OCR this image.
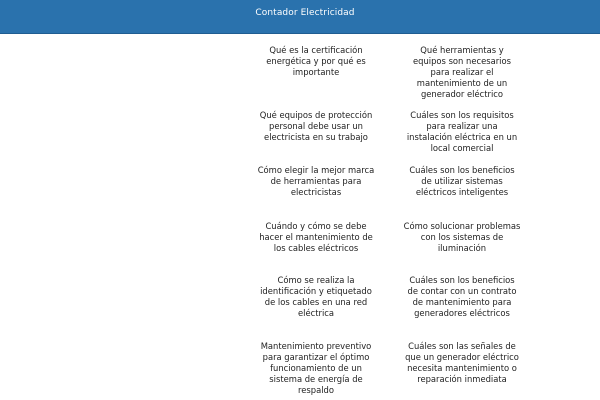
Contador Electricidad
Qué es la certificación energética y por qué es importante
Qué herramientas y equipos son necesarios para realizar el mantenimiento de un generador eléctrico
Qué equipos de protección personal debe usar un electricista en su trabajo
Cuáles son los requisitos para realizar una instalación eléctrica en un local comercial
Cómo elegir la mejor marca de herramientas para electricistas
Cuáles son los beneficios de utilizar sistemas eléctricos inteligentes
Cuándo y cómo se debe hacer el mantenimiento de los cables eléctricos
Cómo solucionar problemas con los sistemas de iluminación
Cómo se realiza la identificación y etiquetado de los cables en una red eléctrica
Cuáles son los beneficios de contar con un contrato de mantenimiento para generadores eléctricos
Mantenimiento preventivo para garantizar el óptimo funcionamiento de un sistema de energía de respaldo
Cuáles son las señales de que un generador eléctrico necesita mantenimiento o reparación inmediata
